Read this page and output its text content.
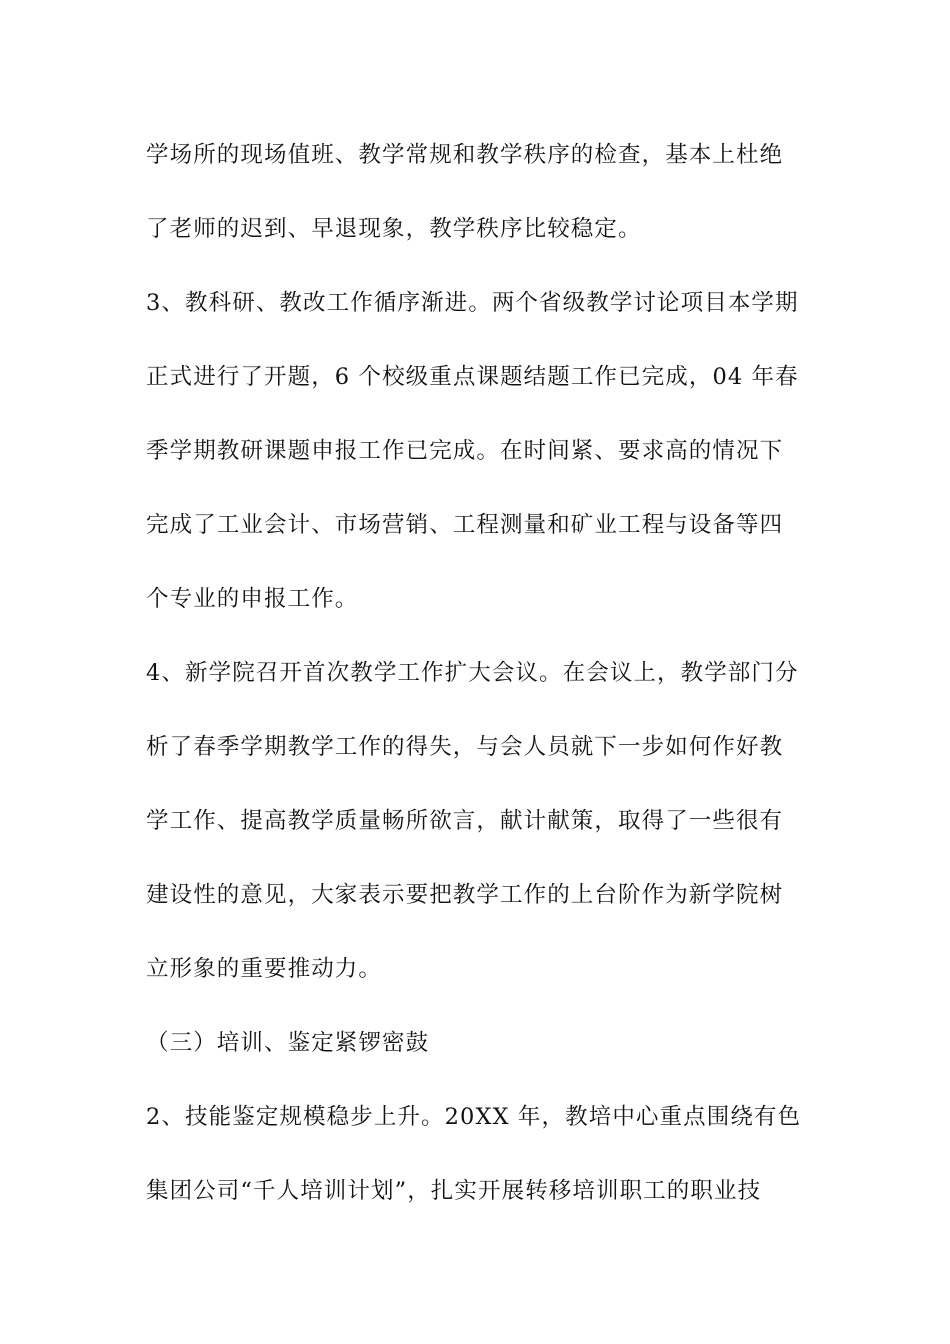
学场所的现场值班、教学常规和教学秩序的检查，基本上杜绝
了老师的迟到、早退现象，教学秩序比较稳定。
3、教科研、教改工作循序渐进。两个省级教学讨论项目本学期
正式进行了开题，6 个校级重点课题结题工作已完成，04 年春
季学期教研课题申报工作已完成。在时间紧、要求高的情况下
完成了工业会计、市场营销、工程测量和矿业工程与设备等四
个专业的申报工作。
4、新学院召开首次教学工作扩大会议。在会议上，教学部门分
析了春季学期教学工作的得失，与会人员就下一步如何作好教
学工作、提高教学质量畅所欲言，献计献策，取得了一些很有
建设性的意见，大家表示要把教学工作的上台阶作为新学院树
立形象的重要推动力。
（三）培训、鉴定紧锣密鼓
2、技能鉴定规模稳步上升。20XX 年，教培中心重点围绕有色
集团公司“千人培训计划”，扎实开展转移培训职工的职业技
